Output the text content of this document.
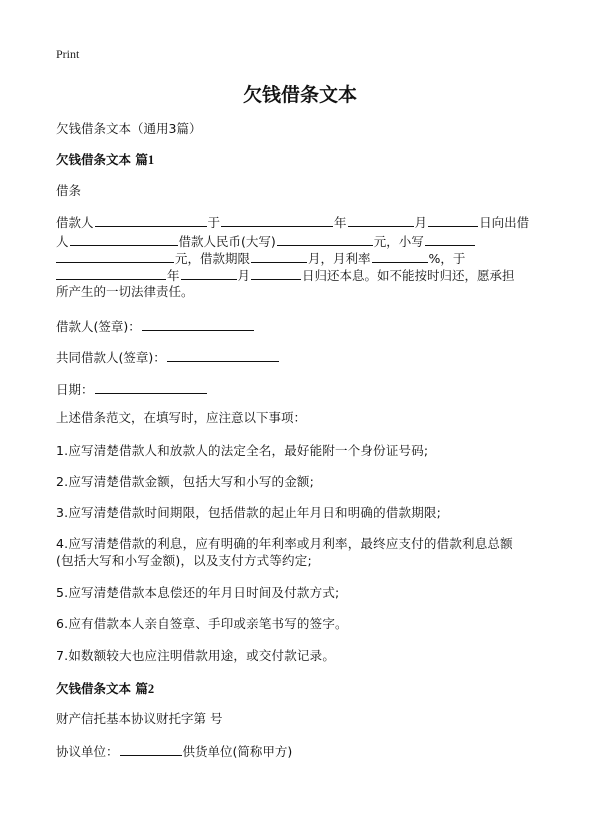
Print
欠钱借条文本

欠钱借条文本（通用3篇）

欠钱借条文本 篇1

借条

借款人	于	年	月	日向出借

人	借款人民币(大写)	元，小写

元，借款期限	月，月利率	%，于

年	月	日归还本息。如不能按时归还，愿承担

所产生的一切法律责任。

借款人(签章)：

共同借款人(签章)：

日期：

上述借条范文，在填写时，应注意以下事项：

1.应写清楚借款人和放款人的法定全名，最好能附一个身份证号码;

2.应写清楚借款金额，包括大写和小写的金额;

3.应写清楚借款时间期限，包括借款的起止年月日和明确的借款期限;

4.应写清楚借款的利息，应有明确的年利率或月利率，最终应支付的借款利息总额

(包括大写和小写金额)，以及支付方式等约定;

5.应写清楚借款本息偿还的年月日时间及付款方式;

6.应有借款本人亲自签章、手印或亲笔书写的签字。

7.如数额较大也应注明借款用途，或交付款记录。

欠钱借条文本 篇2

财产信托基本协议财托字第 号

协议单位：	供货单位(简称甲方)
